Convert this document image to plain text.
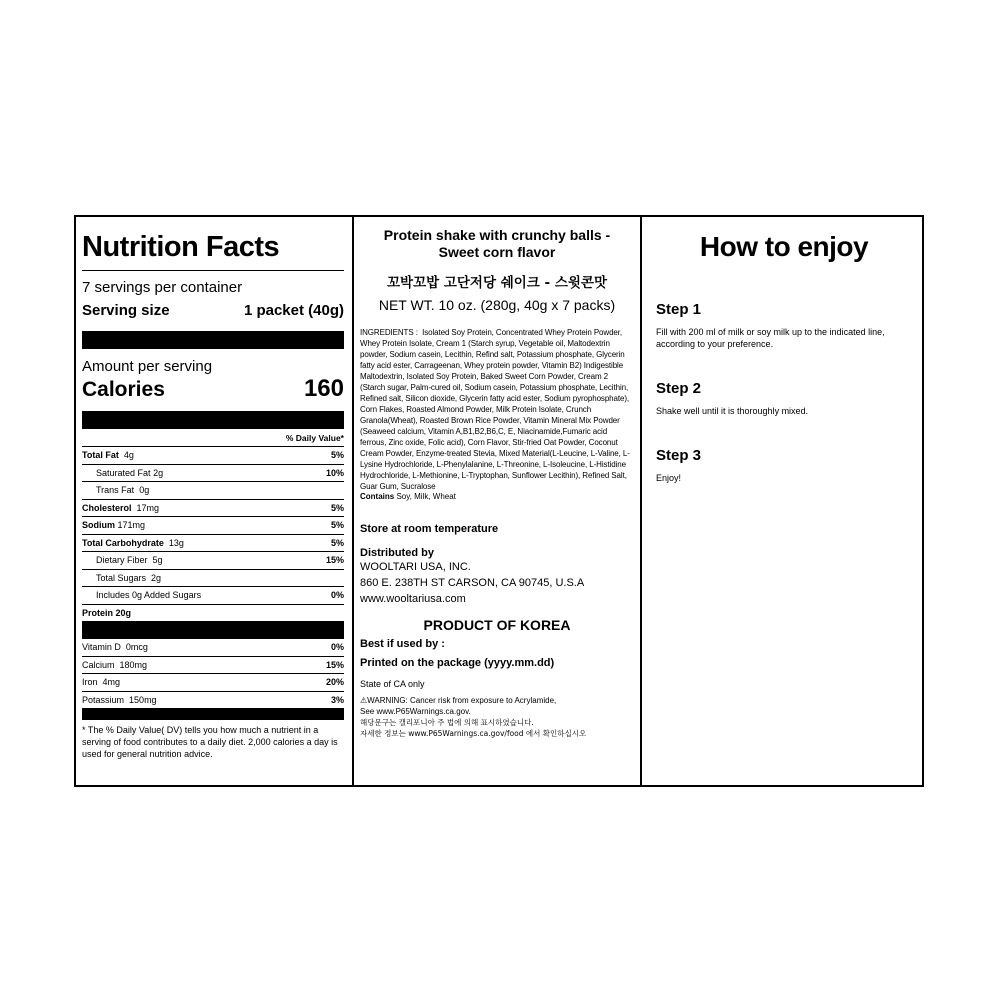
Nutrition Facts
7 servings per container
Serving size	1 packet (40g)
Amount per serving
Calories	160
% Daily Value*
Total Fat 4g	5%
Saturated Fat 2g	10%
Trans Fat 0g
Cholesterol 17mg	5%
Sodium 171mg	5%
Total Carbohydrate 13g	5%
Dietary Fiber 5g	15%
Total Sugars 2g
Includes 0g Added Sugars	0%
Protein 20g
Vitamin D 0mcg	0%
Calcium 180mg	15%
Iron 4mg	20%
Potassium 150mg	3%
* The % Daily Value( DV) tells you how much a nutrient in a serving of food contributes to a daily diet. 2,000 calories a day is used for general nutrition advice.
Protein shake with crunchy balls -
Sweet corn flavor
꼬박꼬밥 고단저당 쉐이크 - 스윗콘맛
NET WT. 10 oz. (280g, 40g x 7 packs)
INGREDIENTS : Isolated Soy Protein, Concentrated Whey Protein Powder, Whey Protein Isolate, Cream 1 (Starch syrup, Vegetable oil, Maltodextrin powder, Sodium casein, Lecithin, Refind salt, Potassium phosphate, Glycerin fatty acid ester, Carrageenan, Whey protein powder, Vitamin B2) Indigestible Maltodextrin, Isolated Soy Protein, Baked Sweet Corn Powder, Cream 2 (Starch sugar, Palm-cured oil, Sodium casein, Potassium phosphate, Lecithin, Refined salt, Silicon dioxide, Glycerin fatty acid ester, Sodium pyrophosphate), Corn Flakes, Roasted Almond Powder, Milk Protein Isolate, Crunch Granola(Wheat), Roasted Brown Rice Powder, Vitamin Mineral Mix Powder (Seaweed calcium, Vitamin A,B1,B2,B6,C, E, Niacinamide,Fumaric acid ferrous, Zinc oxide, Folic acid), Corn Flavor, Stir-fried Oat Powder, Coconut Cream Powder, Enzyme-treated Stevia, Mixed Material(L-Leucine, L-Valine, L-Lysine Hydrochloride, L-Phenylalanine, L-Threonine, L-Isoleucine, L-Histidine Hydrochloride, L-Methionine, L-Tryptophan, Sunflower Lecithin), Refined Salt, Guar Gum, Sucralose
Contains Soy, Milk, Wheat
Store at room temperature
Distributed by
WOOLTARI USA, INC.
860 E. 238TH ST CARSON, CA 90745, U.S.A
www.wooltariusa.com
PRODUCT OF KOREA
Best if used by :
Printed on the package (yyyy.mm.dd)
State of CA only
⚠WARNING: Cancer risk from exposure to Acrylamide,
See www.P65Warnings.ca.gov.
해당문구는 캘리포니아 주 법에 의해 표시하였습니다.
자세한 정보는 www.P65Warnings.ca.gov/food 에서 확인하십시오
How to enjoy
Step 1
Fill with 200 ml of milk or soy milk up to the indicated line, according to your preference.
Step 2
Shake well until it is thoroughly mixed.
Step 3
Enjoy!
